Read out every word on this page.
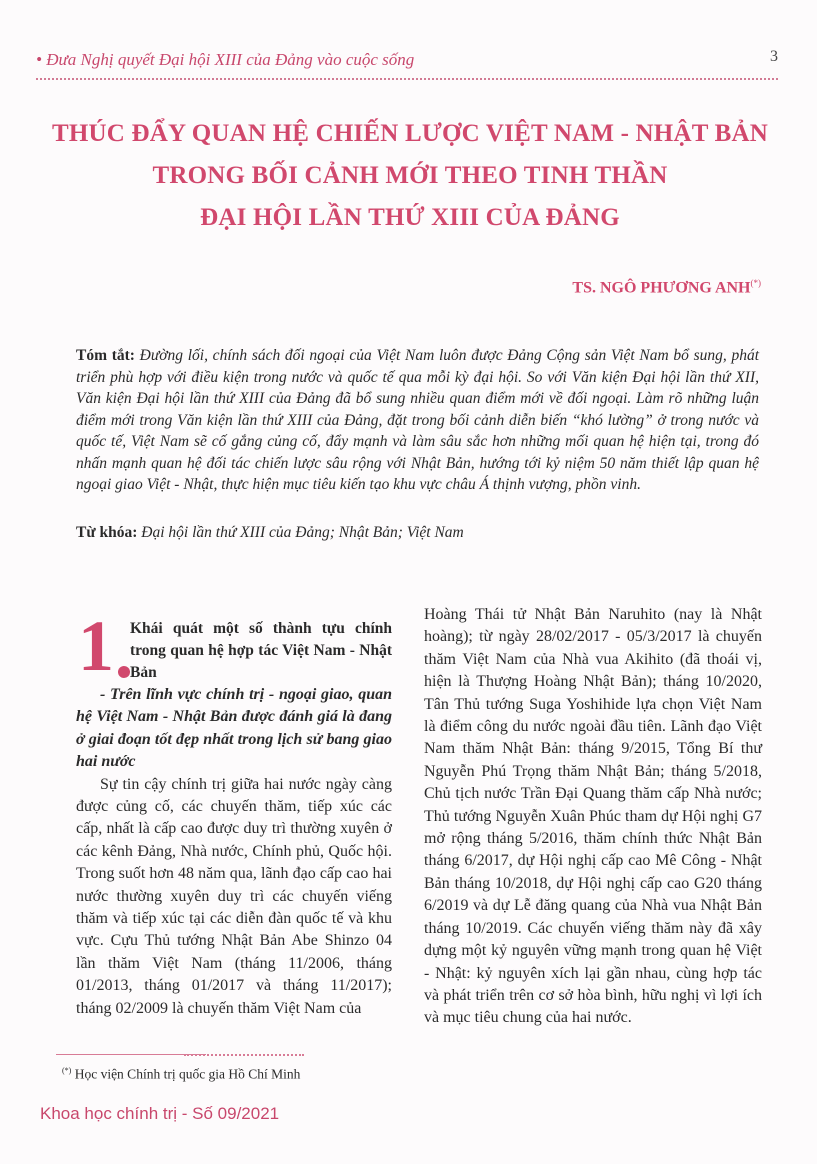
• Đưa Nghị quyết Đại hội XIII của Đảng vào cuộc sống	3
THÚC ĐẨY QUAN HỆ CHIẾN LƯỢC VIỆT NAM - NHẬT BẢN
TRONG BỐI CẢNH MỚI THEO TINH THẦN
ĐẠI HỘI LẦN THỨ XIII CỦA ĐẢNG
TS. NGÔ PHƯƠNG ANH(*)
Tóm tắt: Đường lối, chính sách đối ngoại của Việt Nam luôn được Đảng Cộng sản Việt Nam bổ sung, phát triển phù hợp với điều kiện trong nước và quốc tế qua mỗi kỳ đại hội. So với Văn kiện Đại hội lần thứ XII, Văn kiện Đại hội lần thứ XIII của Đảng đã bổ sung nhiều quan điểm mới về đối ngoại. Làm rõ những luận điểm mới trong Văn kiện lần thứ XIII của Đảng, đặt trong bối cảnh diễn biến “khó lường” ở trong nước và quốc tế, Việt Nam sẽ cố gắng củng cố, đẩy mạnh và làm sâu sắc hơn những mối quan hệ hiện tại, trong đó nhấn mạnh quan hệ đối tác chiến lược sâu rộng với Nhật Bản, hướng tới kỷ niệm 50 năm thiết lập quan hệ ngoại giao Việt - Nhật, thực hiện mục tiêu kiến tạo khu vực châu Á thịnh vượng, phồn vinh.
Từ khóa: Đại hội lần thứ XIII của Đảng; Nhật Bản; Việt Nam
1 Khái quát một số thành tựu chính trong quan hệ hợp tác Việt Nam - Nhật Bản

- Trên lĩnh vực chính trị - ngoại giao, quan hệ Việt Nam - Nhật Bản được đánh giá là đang ở giai đoạn tốt đẹp nhất trong lịch sử bang giao hai nước

Sự tin cậy chính trị giữa hai nước ngày càng được củng cố, các chuyến thăm, tiếp xúc các cấp, nhất là cấp cao được duy trì thường xuyên ở các kênh Đảng, Nhà nước, Chính phủ, Quốc hội. Trong suốt hơn 48 năm qua, lãnh đạo cấp cao hai nước thường xuyên duy trì các chuyến viếng thăm và tiếp xúc tại các diễn đàn quốc tế và khu vực. Cựu Thủ tướng Nhật Bản Abe Shinzo 04 lần thăm Việt Nam (tháng 11/2006, tháng 01/2013, tháng 01/2017 và tháng 11/2017); tháng 02/2009 là chuyến thăm Việt Nam của

Hoàng Thái tử Nhật Bản Naruhito (nay là Nhật hoàng); từ ngày 28/02/2017 - 05/3/2017 là chuyến thăm Việt Nam của Nhà vua Akihito (đã thoái vị, hiện là Thượng Hoàng Nhật Bản); tháng 10/2020, Tân Thủ tướng Suga Yoshihide lựa chọn Việt Nam là điểm công du nước ngoài đầu tiên. Lãnh đạo Việt Nam thăm Nhật Bản: tháng 9/2015, Tổng Bí thư Nguyễn Phú Trọng thăm Nhật Bản; tháng 5/2018, Chủ tịch nước Trần Đại Quang thăm cấp Nhà nước; Thủ tướng Nguyễn Xuân Phúc tham dự Hội nghị G7 mở rộng tháng 5/2016, thăm chính thức Nhật Bản tháng 6/2017, dự Hội nghị cấp cao Mê Công - Nhật Bản tháng 10/2018, dự Hội nghị cấp cao G20 tháng 6/2019 và dự Lễ đăng quang của Nhà vua Nhật Bản tháng 10/2019. Các chuyến viếng thăm này đã xây dựng một kỷ nguyên vững mạnh trong quan hệ Việt - Nhật: kỷ nguyên xích lại gần nhau, cùng hợp tác và phát triển trên cơ sở hòa bình, hữu nghị vì lợi ích và mục tiêu chung của hai nước.

(*) Học viện Chính trị quốc gia Hồ Chí Minh
Khoa học chính trị - Số 09/2021
